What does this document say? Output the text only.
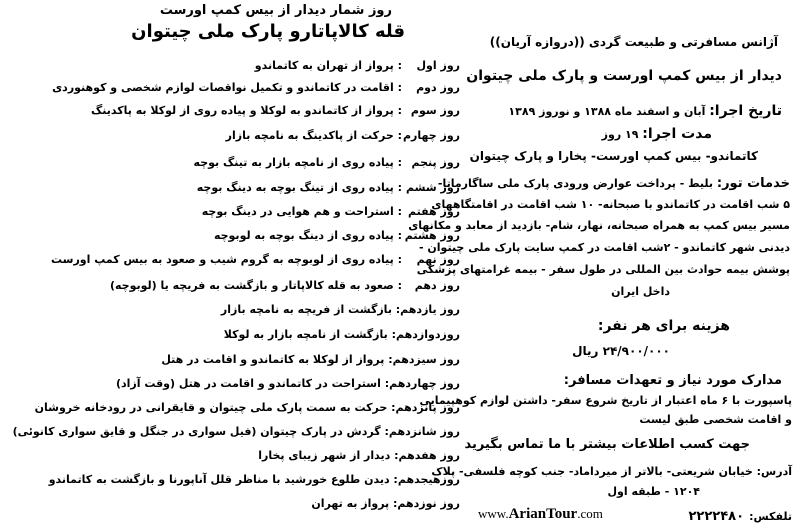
روز شمار دیدار از بیس کمپ اورست
قله کالاپاتارو پارک ملی چیتوان
روز اول: پرواز از تهران به کاتماندو
روز دوم: اقامت در کاتماندو و تکمیل نواقصات لوازم شخصی و کوهنوردی
روز سوم: پرواز از کاتماندو به لوکلا و پیاده روی از لوکلا به پاکدینگ
روز چهارم: حرکت از پاکدینگ به نامچه بازار
روز پنجم: پیاده روی از نامچه بازار به تینگ بوچه
روز ششم: پیاده روی از تینگ بوچه به دینگ بوچه
روز هفتم: استراحت و هم هوایی در دینگ بوچه
روز هشتم: پیاده روی از دینگ بوچه به لوبوچه
روز نهم: پیاده روی از لوبوچه به گروم شیب و صعود به بیس کمپ اورست
روز دهم: صعود به قله کالاپاتار و بازگشت به فریچه یا (لوبوچه)
روز یازدهم: بازگشت از فریچه به نامچه بازار
روزدوازدهم: بازگشت از نامچه بازار به لوکلا
روز سیزدهم: پرواز از لوکلا به کاتماندو و اقامت در هتل
روز چهاردهم: استراحت در کاتماندو و اقامت در هتل (وقت آزاد)
روز پانزدهم: حرکت به سمت پارک ملی چیتوان و قایقرانی در رودخانه خروشان
روز شانزدهم: گردش در پارک چیتوان (فیل سواری در جنگل و قایق سواری کانوئی)
روز هفدهم: دیدار از شهر زیبای پخارا
روزهیجدهم: دیدن طلوع خورشید با مناظر قلل آناپورنا و بازگشت به کاتماندو
روز نوزدهم: پرواز به تهران
آژانس مسافرتی و طبیعت گردی ((دروازه آریان))
دیدار از بیس کمپ اورست و پارک ملی چیتوان
تاریخ اجرا: آبان و اسفند ماه ۱۳۸۸ و نوروز ۱۳۸۹
مدت اجرا: ۱۹ روز
کاتماندو- بیس کمپ اورست- پخارا و پارک چیتوان
خدمات تور: بلیط - پرداخت عوارض ورودی پارک ملی ساگارماتا-
۵ شب اقامت در کاتماندو با صبحانه- ۱۰ شب اقامت در اقامتگاههای
مسیر بیس کمپ به همراه صبحانه، نهار، شام- بازدید از معابد و مکانهای
دیدنی شهر کاتماندو - ۲شب اقامت در کمپ سایت پارک ملی چیتوان -
پوشش بیمه حوادث بین المللی در طول سفر - بیمه غرامتهای پزشکی
داخل ایران
هزینه برای هر نفر:
۲۴/۹۰۰/۰۰۰ ریال
مدارک مورد نیاز و تعهدات مسافر:
پاسپورت با ۶ ماه اعتبار از تاریخ شروع سفر- داشتن لوازم کوهپیمایی
و اقامت شخصی طبق لیست
جهت کسب اطلاعات بیشتر با ما تماس بگیرید
آدرس: خیابان شریعتی- بالاتر از میرداماد- جنب کوچه فلسفی- پلاک
۱۲۰۴ - طبقه اول
تلفکس: ۲۲۲۲۴۸۰
www.ArianTour.com
